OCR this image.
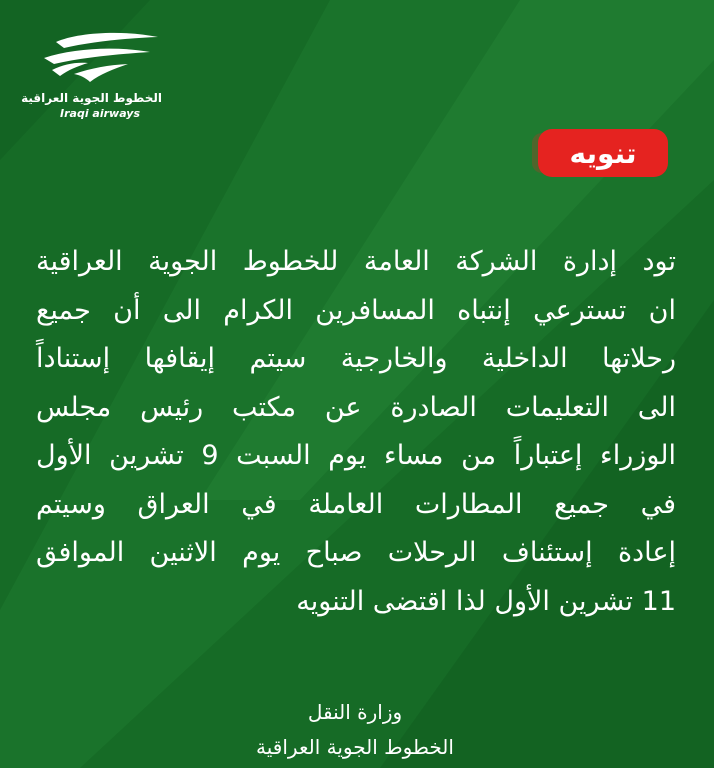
الخطوط الجوية العراقية
Iraqi airways
تنويه
تود إدارة الشركة العامة للخطوط الجوية العراقية
ان تسترعي إنتباه المسافرين الكرام الى أن جميع
رحلاتها الداخلية والخارجية سيتم إيقافها إستناداً
الى التعليمات الصادرة عن مكتب رئيس مجلس
الوزراء إعتباراً من مساء يوم السبت 9 تشرين الأول
في جميع المطارات العاملة في العراق وسيتم
إعادة إستئناف الرحلات صباح يوم الاثنين الموافق
11 تشرين الأول لذا اقتضى التنويه
وزارة النقل
الخطوط الجوية العراقية
